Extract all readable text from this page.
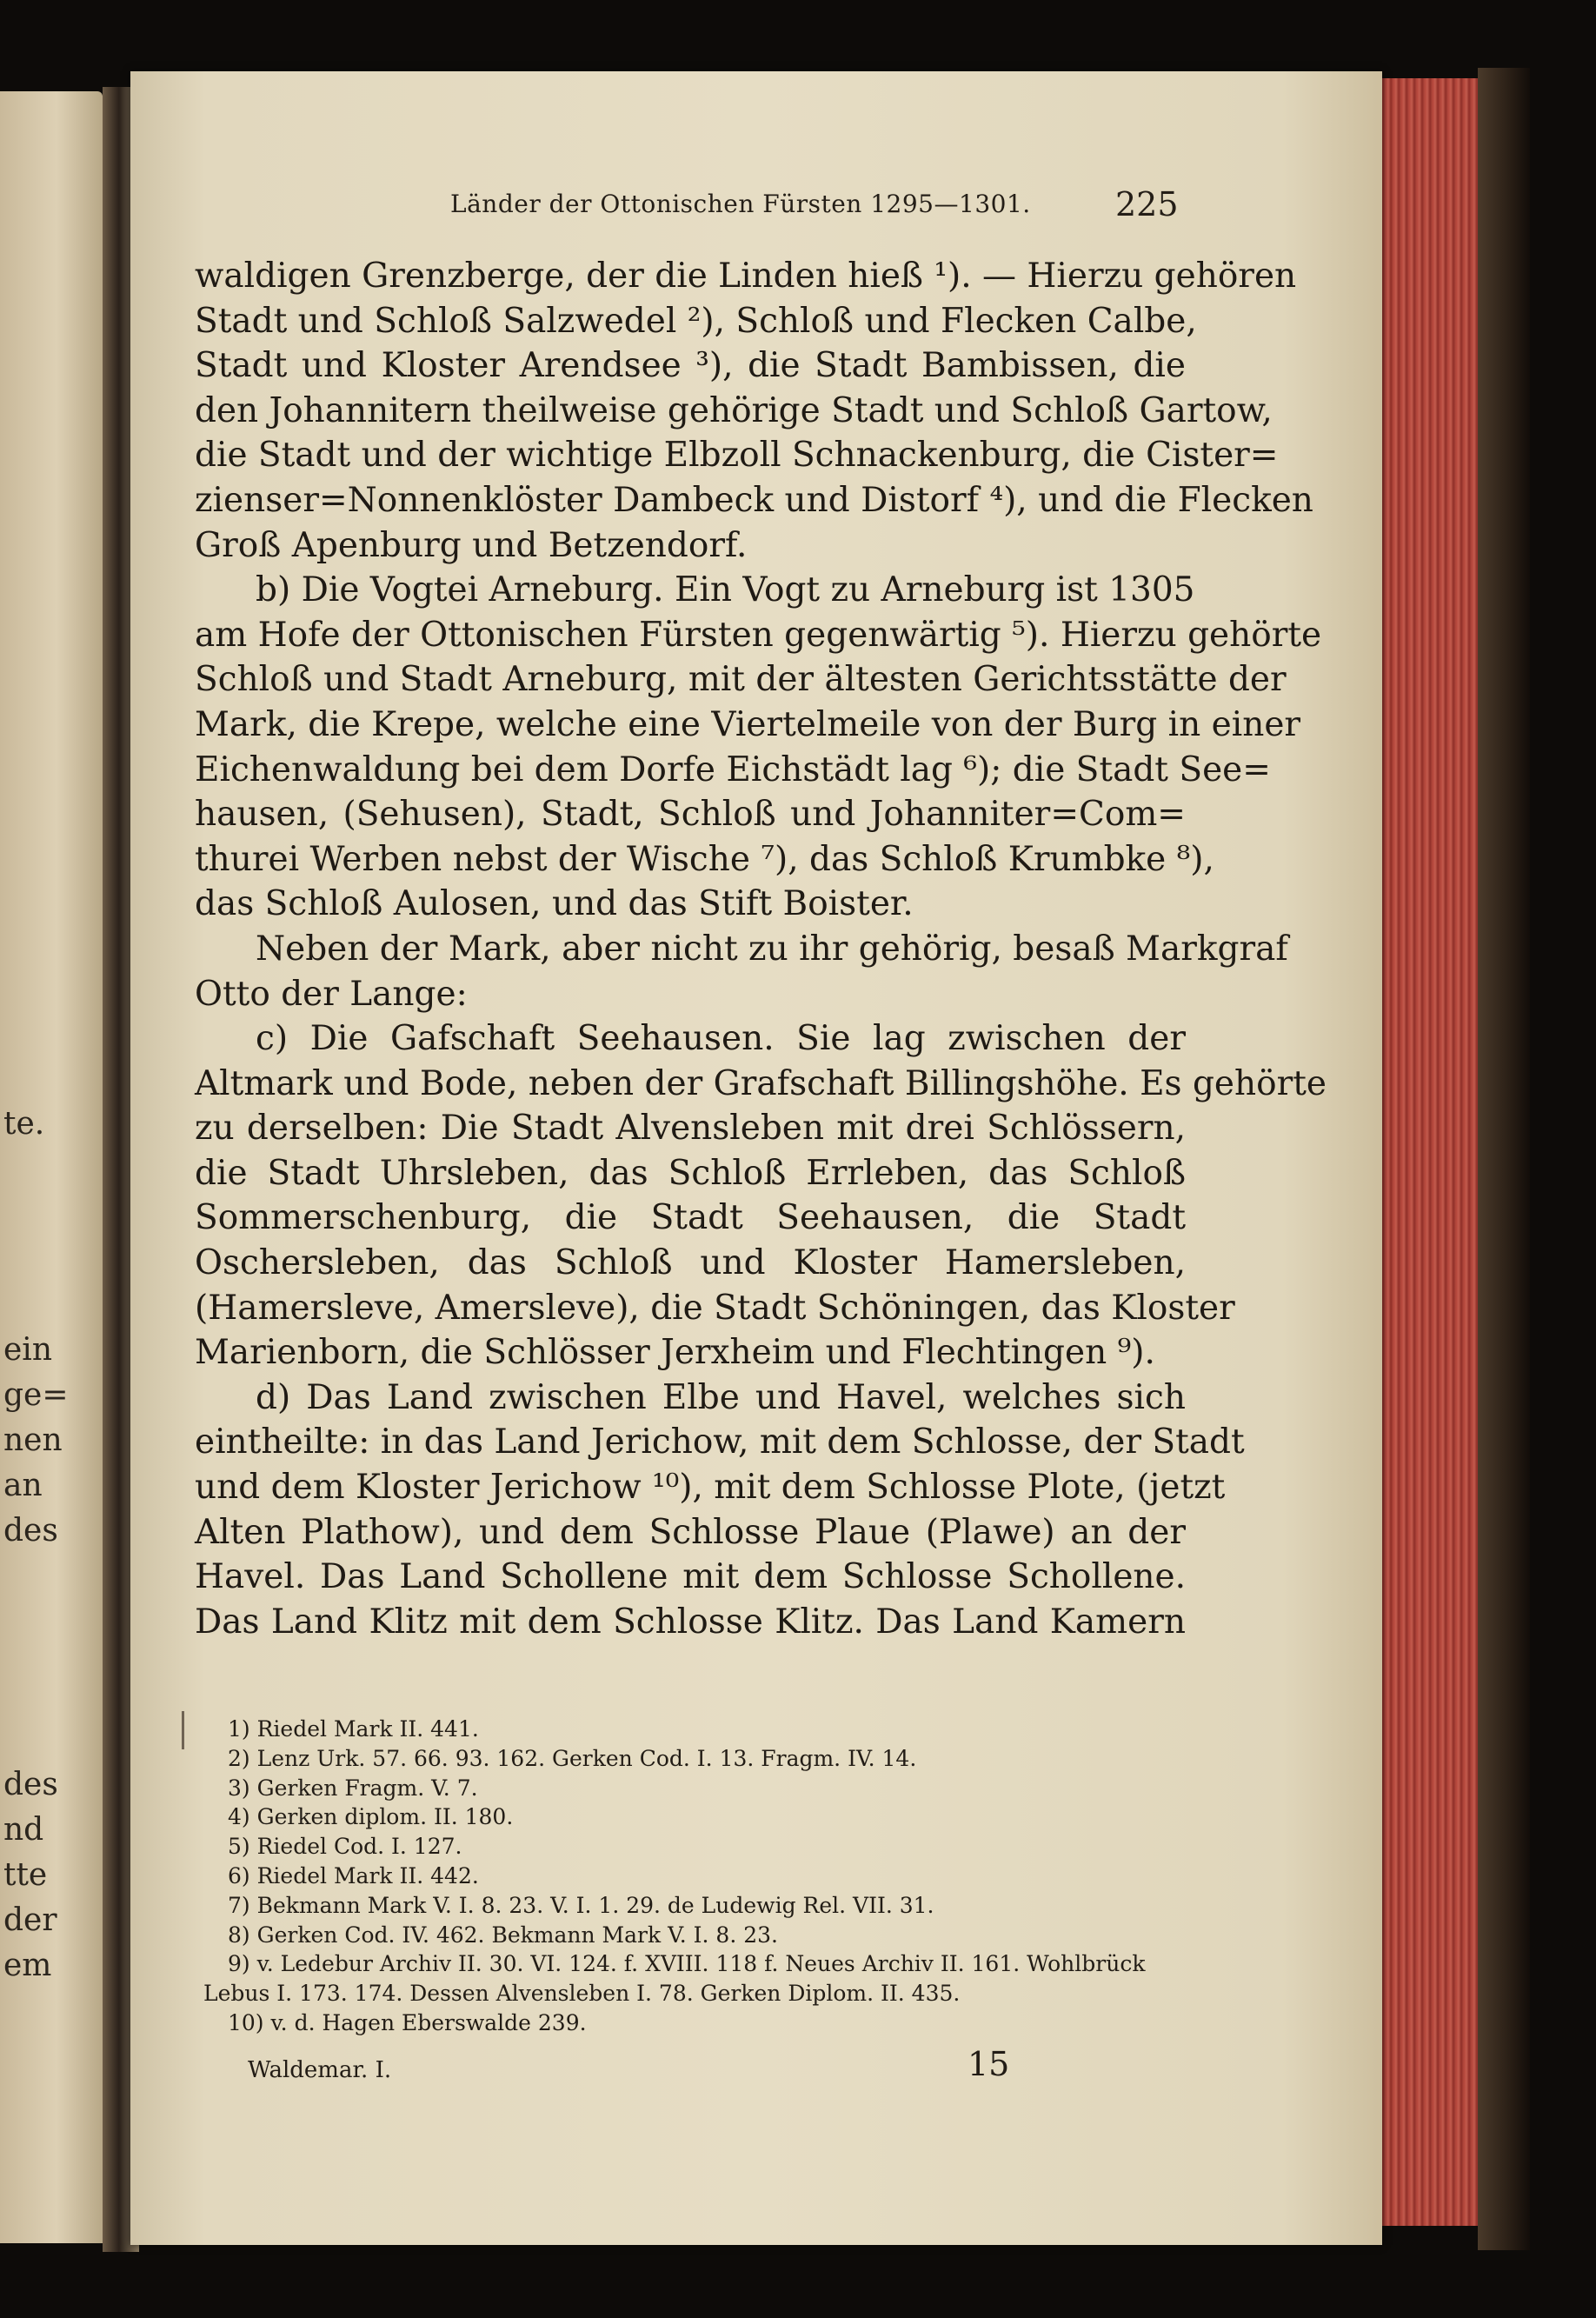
te.
ein
ge=
nen
an
des
des
nd
tte
der
em
Länder der Ottonischen Fürsten 1295—1301.	225
waldigen Grenzberge, der die Linden hieß ¹). — Hierzu gehören
Stadt und Schloß Salzwedel ²), Schloß und Flecken Calbe,
Stadt und Kloster Arendsee ³), die Stadt Bambissen, die
den Johannitern theilweise gehörige Stadt und Schloß Gartow,
die Stadt und der wichtige Elbzoll Schnackenburg, die Cister=
zienser=Nonnenklöster Dambeck und Distorf ⁴), und die Flecken
Groß Apenburg und Betzendorf.
b) Die Vogtei Arneburg. Ein Vogt zu Arneburg ist 1305
am Hofe der Ottonischen Fürsten gegenwärtig ⁵). Hierzu gehörte
Schloß und Stadt Arneburg, mit der ältesten Gerichtsstätte der
Mark, die Krepe, welche eine Viertelmeile von der Burg in einer
Eichenwaldung bei dem Dorfe Eichstädt lag ⁶); die Stadt See=
hausen, (Sehusen), Stadt, Schloß und Johanniter=Com=
thurei Werben nebst der Wische ⁷), das Schloß Krumbke ⁸),
das Schloß Aulosen, und das Stift Boister.
Neben der Mark, aber nicht zu ihr gehörig, besaß Markgraf
Otto der Lange:
c) Die Gafschaft Seehausen. Sie lag zwischen der
Altmark und Bode, neben der Grafschaft Billingshöhe. Es gehörte
zu derselben: Die Stadt Alvensleben mit drei Schlössern,
die Stadt Uhrsleben, das Schloß Errleben, das Schloß
Sommerschenburg, die Stadt Seehausen, die Stadt
Oschersleben, das Schloß und Kloster Hamersleben,
(Hamersleve, Amersleve), die Stadt Schöningen, das Kloster
Marienborn, die Schlösser Jerxheim und Flechtingen ⁹).
d) Das Land zwischen Elbe und Havel, welches sich
eintheilte: in das Land Jerichow, mit dem Schlosse, der Stadt
und dem Kloster Jerichow ¹⁰), mit dem Schlosse Plote, (jetzt
Alten Plathow), und dem Schlosse Plaue (Plawe) an der
Havel. Das Land Schollene mit dem Schlosse Schollene.
Das Land Klitz mit dem Schlosse Klitz. Das Land Kamern
1) Riedel Mark II. 441.
2) Lenz Urk. 57. 66. 93. 162. Gerken Cod. I. 13. Fragm. IV. 14.
3) Gerken Fragm. V. 7.
4) Gerken diplom. II. 180.
5) Riedel Cod. I. 127.
6) Riedel Mark II. 442.
7) Bekmann Mark V. I. 8. 23. V. I. 1. 29. de Ludewig Rel. VII. 31.
8) Gerken Cod. IV. 462. Bekmann Mark V. I. 8. 23.
9) v. Ledebur Archiv II. 30. VI. 124. f. XVIII. 118 f. Neues Archiv II. 161. Wohlbrück
Lebus I. 173. 174. Dessen Alvensleben I. 78. Gerken Diplom. II. 435.
10) v. d. Hagen Eberswalde 239.
Waldemar. I.	15
